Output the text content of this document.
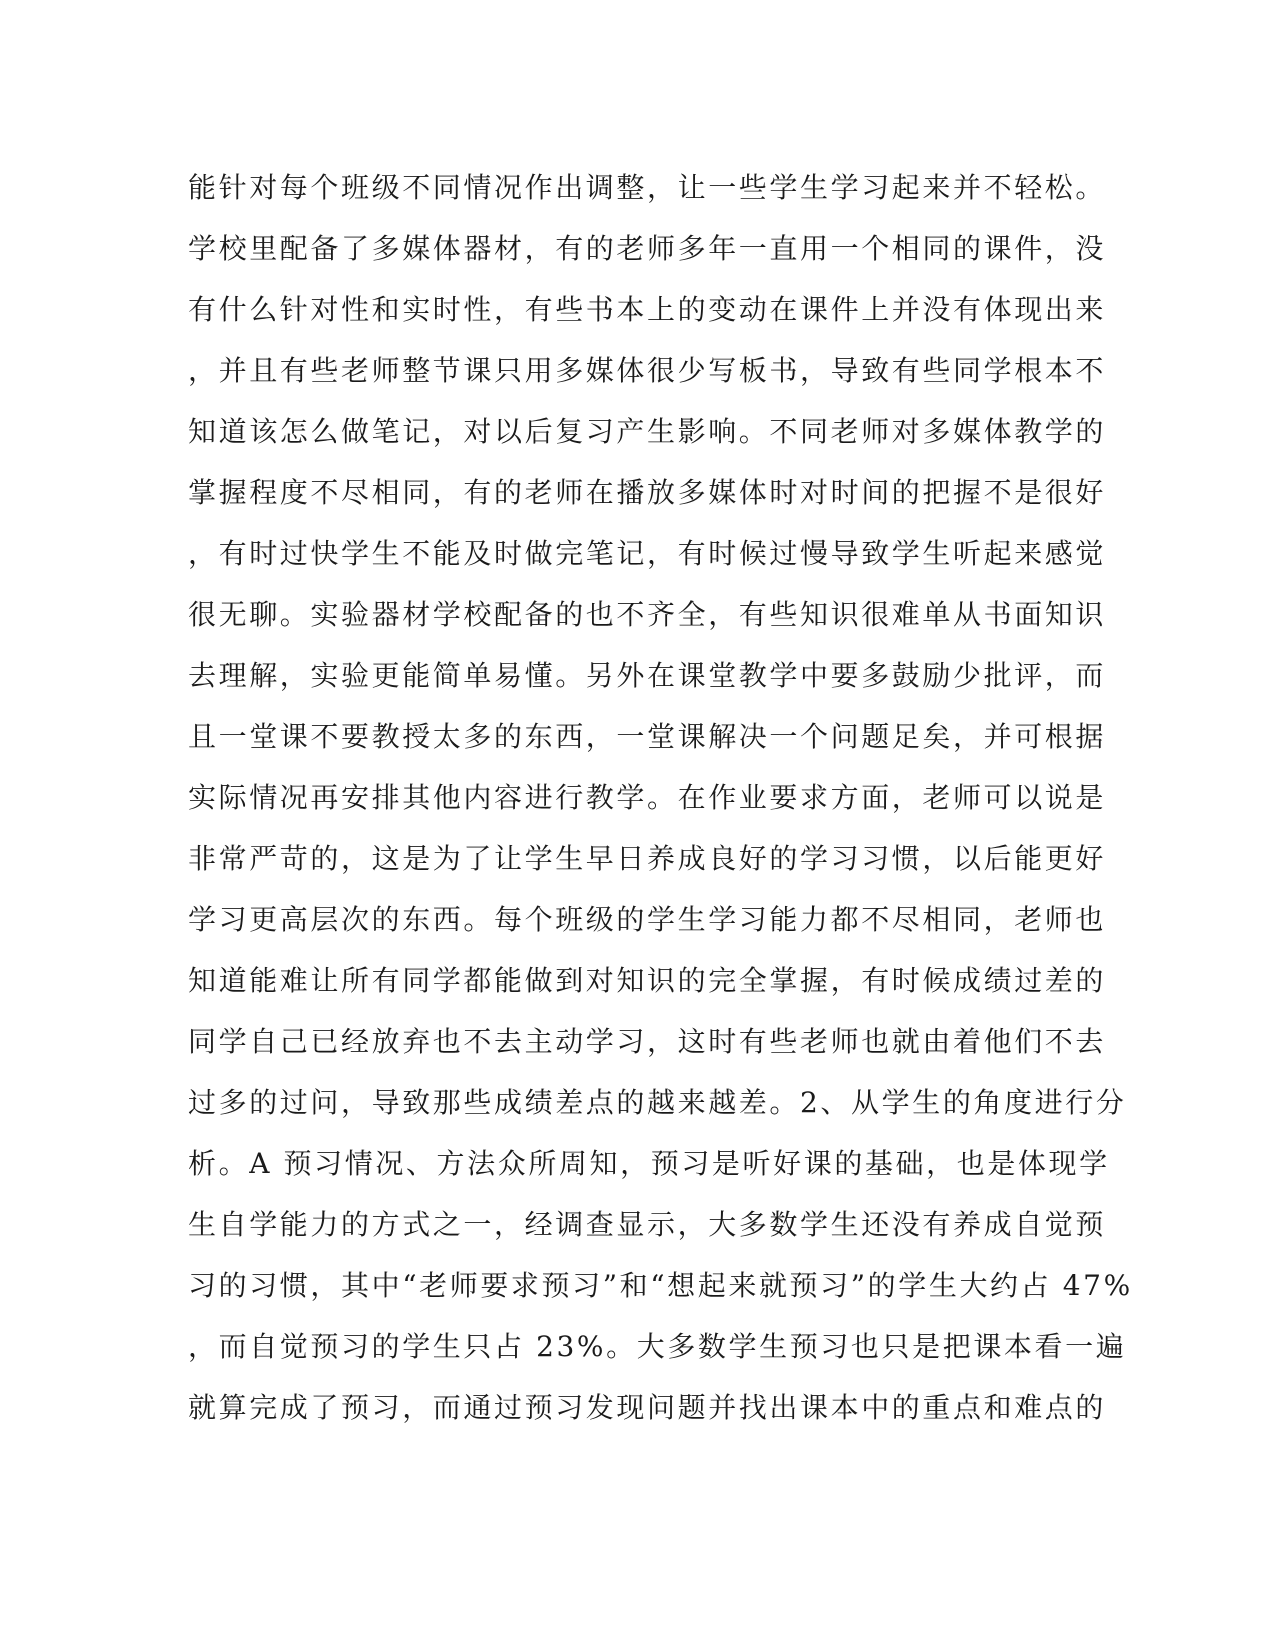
能针对每个班级不同情况作出调整，让一些学生学习起来并不轻松。
学校里配备了多媒体器材，有的老师多年一直用一个相同的课件，没
有什么针对性和实时性，有些书本上的变动在课件上并没有体现出来
，并且有些老师整节课只用多媒体很少写板书，导致有些同学根本不
知道该怎么做笔记，对以后复习产生影响。不同老师对多媒体教学的
掌握程度不尽相同，有的老师在播放多媒体时对时间的把握不是很好
，有时过快学生不能及时做完笔记，有时候过慢导致学生听起来感觉
很无聊。实验器材学校配备的也不齐全，有些知识很难单从书面知识
去理解，实验更能简单易懂。另外在课堂教学中要多鼓励少批评，而
且一堂课不要教授太多的东西，一堂课解决一个问题足矣，并可根据
实际情况再安排其他内容进行教学。在作业要求方面，老师可以说是
非常严苛的，这是为了让学生早日养成良好的学习习惯，以后能更好
学习更高层次的东西。每个班级的学生学习能力都不尽相同，老师也
知道能难让所有同学都能做到对知识的完全掌握，有时候成绩过差的
同学自己已经放弃也不去主动学习，这时有些老师也就由着他们不去
过多的过问，导致那些成绩差点的越来越差。2、从学生的角度进行分
析。A 预习情况、方法众所周知，预习是听好课的基础，也是体现学
生自学能力的方式之一，经调查显示，大多数学生还没有养成自觉预
习的习惯，其中“老师要求预习”和“想起来就预习”的学生大约占 47%
，而自觉预习的学生只占 23%。大多数学生预习也只是把课本看一遍
就算完成了预习，而通过预习发现问题并找出课本中的重点和难点的
